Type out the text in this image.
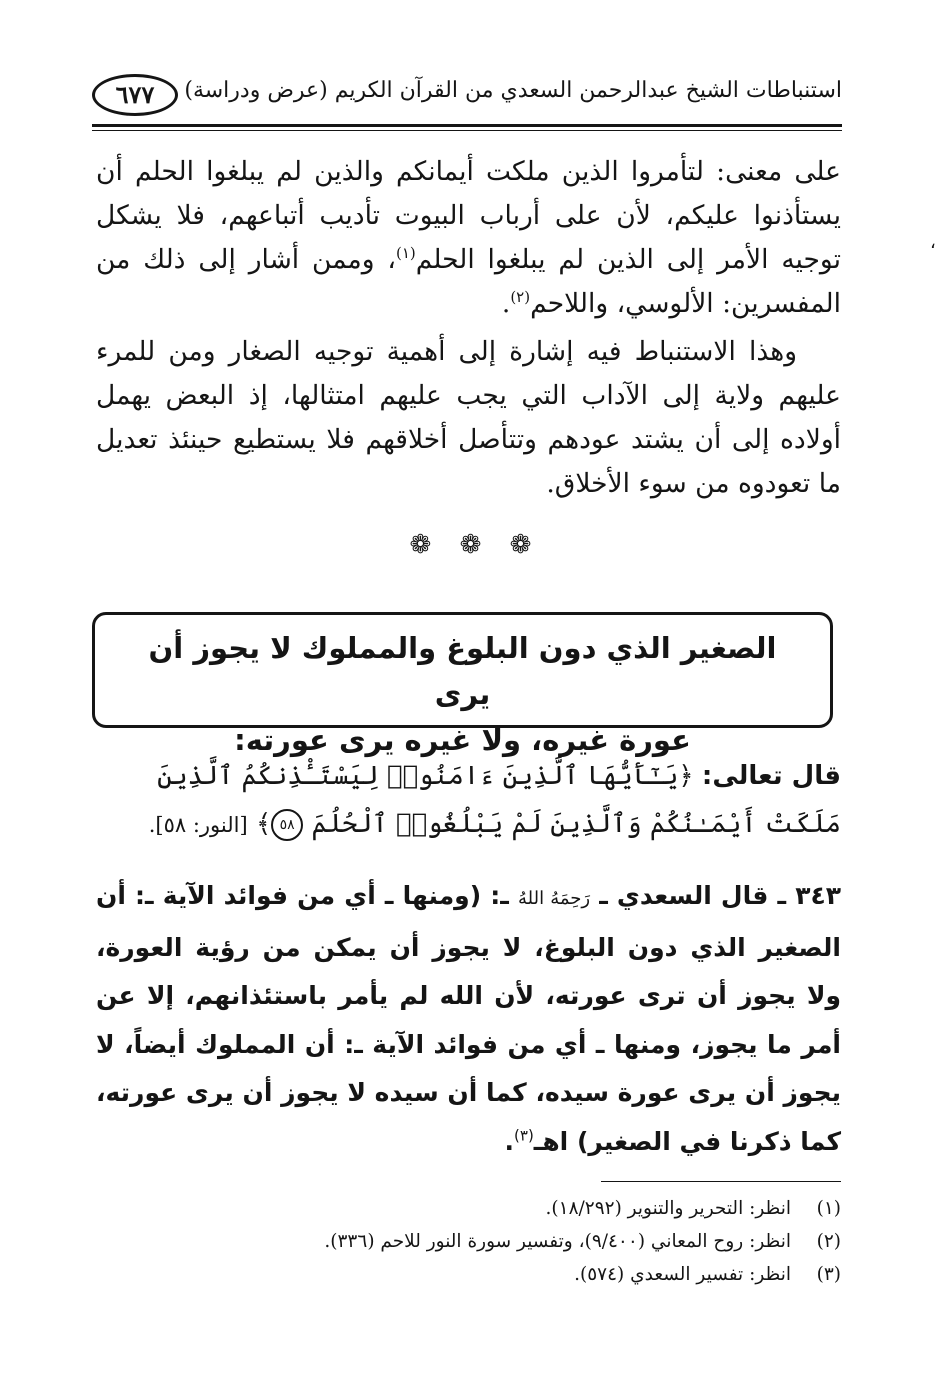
استنباطات الشيخ عبدالرحمن السعدي من القرآن الكريم (عرض ودراسة)
٦٧٧
،

على معنى: لتأمروا الذين ملكت أيمانكم والذين لم يبلغوا الحلم أن يستأذنوا عليكم، لأن على أرباب البيوت تأديب أتباعهم، فلا يشكل توجيه الأمر إلى الذين لم يبلغوا الحلم$^{(١)}$، وممن أشار إلى ذلك من المفسرين: الألوسي، واللاحم$^{(٢)}$.

وهذا الاستنباط فيه إشارة إلى أهمية توجيه الصغار ومن للمرء عليهم ولاية إلى الآداب التي يجب عليهم امتثالها، إذ البعض يهمل أولاده إلى أن يشتد عودهم وتتأصل أخلاقهم فلا يستطيع حينئذ تعديل ما تعودوه من سوء الأخلاق.

❁ ❁ ❁
الصغير الذي دون البلوغ والمملوك لا يجوز أن يرى
عورة غيره، ولا غيره يرى عورته:

قال تعالى: ﴿يَـٰٓأَيُّهَا ٱلَّذِينَ ءَامَنُوا۟ لِيَسْتَـْٔذِنكُمُ ٱلَّذِينَ مَلَكَتْ أَيْمَـٰنُكُمْ وَٱلَّذِينَ لَمْ يَبْلُغُوا۟ ٱلْحُلُمَ ٥٨﴾ [النور: ٥٨].

٣٤٣ ـ قال السعدي ـ رَحِمَهُ اللهُ ـ: (ومنها ـ أي من فوائد الآية ـ: أن الصغير الذي دون البلوغ، لا يجوز أن يمكن من رؤية العورة، ولا يجوز أن ترى عورته، لأن الله لم يأمر باستئذانهم، إلا عن أمر ما يجوز، ومنها ـ أي من فوائد الآية ـ: أن المملوك أيضاً، لا يجوز أن يرى عورة سيده، كما أن سيده لا يجوز أن يرى عورته، كما ذكرنا في الصغير) اهـ$^{(٣)}$.

(١)انظر: التحرير والتنوير (١٨/٢٩٢).
(٢)انظر: روح المعاني (٩/٤٠٠)، وتفسير سورة النور للاحم (٣٣٦).
(٣)انظر: تفسير السعدي (٥٧٤).
